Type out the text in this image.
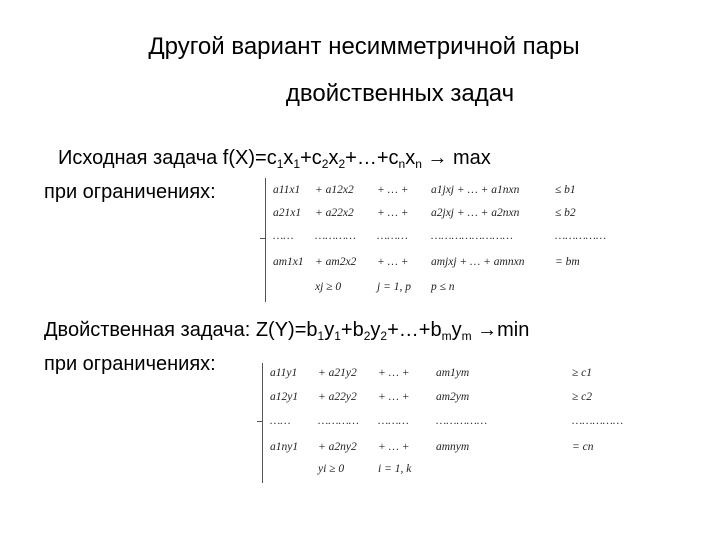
Другой вариант несимметричной пары
двойственных задач
Исходная задача $f(X)=c_1x_1+c_2x_2+\dots+c_nx_n \to \max$
при ограничениях:	a11x1 + a12x2 + … + a1jxj + … + a1nxn	≤ b1
a21x1 + a22x2 + … + a2jxj + … + a2nxn	≤ b2
…… ………… ……… ……………………	……………
am1x1 + am2x2 + … + amjxj + … + amnxn	= bm
xj ≥ 0	j = 1, p p ≤ n
Двойственная задача: $Z(Y)=b_1y_1+b_2y_2+\dots+b_my_m \to\min$
при ограничениях:	a11y1 + a21y2 + … + am1ym	≥ c1
a12y1 + a22y2 + … + am2ym	≥ c2
…… ………… ……… ……………	……………
a1ny1 + a2ny2 + … + amnym	= cn
yi ≥ 0	i = 1, k
